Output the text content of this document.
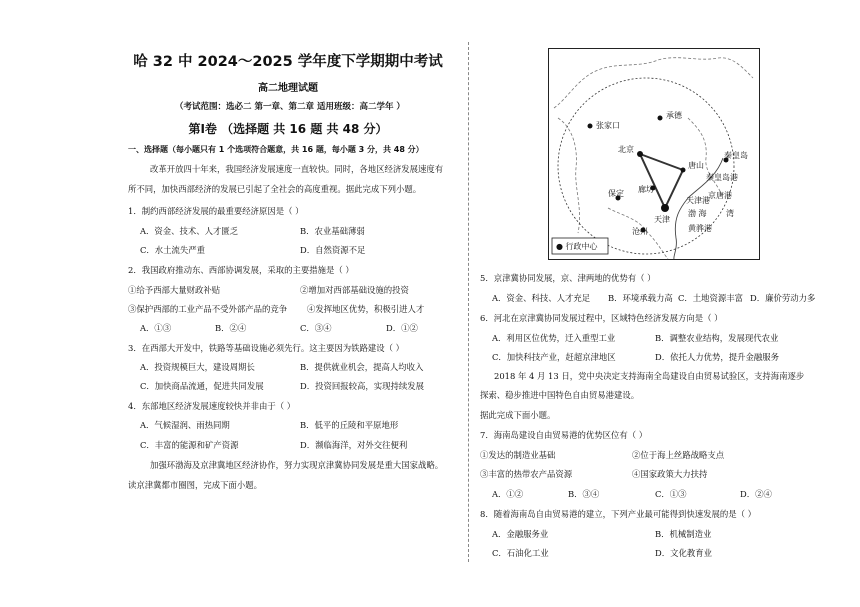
哈 32 中 2024～2025 学年度下学期期中考试
高二地理试题
（考试范围：选必二 第一章、第二章 适用班级：高二学年 ）
第Ⅰ卷 （选择题 共 16 题 共 48 分）
一、选择题（每小题只有 1 个选项符合题意，共 16 题，每小题 3 分，共 48 分）
改革开放四十年来，我国经济发展速度一直较快。同时，各地区经济发展速度有
所不同，加快西部经济的发展已引起了全社会的高度重视。据此完成下列小题。
1．制约西部经济发展的最重要经济原因是（ ）
A．资金、技术、人才匮乏	B．农业基础薄弱
C．水土流失严重	D．自然资源不足
2．我国政府推动东、西部协调发展，采取的主要措施是（ ）
①给予西部大量财政补贴	②增加对西部基础设施的投资
③保护西部的工业产品不受外部产品的竞争 ④发挥地区优势，积极引进人才
A．①③	B．②④	C．③④	D．①②
3．在西部大开发中，铁路等基础设施必须先行。这主要因为铁路建设（ ）
A．投资规模巨大，建设周期长	B．提供就业机会，提高人均收入
C．加快商品流通，促进共同发展	D．投资回报较高，实现持续发展
4．东部地区经济发展速度较快并非由于（ ）
A．气候湿润、雨热同期	B．低平的丘陵和平原地形
C．丰富的能源和矿产资源	D．濒临海洋，对外交往便利
加强环渤海及京津冀地区经济协作，努力实现京津冀协同发展是重大国家战略。
读京津冀都市圈图，完成下面小题。
张家口
承德
北京
唐山
秦皇岛
秦皇岛港
京唐港
天津港
渤 海 湾
保定 廊坊
天津
沧州	黄骅港
● 行政中心
5．京津冀协同发展，京、津两地的优势有（ ）
A．资金、科技、人才充足 B．环境承载力高 C．土地资源丰富 D．廉价劳动力多
6．河北在京津冀协同发展过程中，区域特色经济发展方向是（ ）
A．利用区位优势，迁入重型工业	B．调整农业结构，发展现代农业
C．加快科技产业，赶超京津地区	D．依托人力优势，提升金融服务
2018 年 4 月 13 日，党中央决定支持海南全岛建设自由贸易试验区，支持海南逐步
探索、稳步推进中国特色自由贸易港建设。
据此完成下面小题。
7．海南岛建设自由贸易港的优势区位有（ ）
①发达的制造业基础	②位于海上丝路战略支点
③丰富的热带农产品资源	④国家政策大力扶持
A．①②	B．③④	C．①③	D．②④
8．随着海南岛自由贸易港的建立，下列产业最可能得到快速发展的是（ ）
A．金融服务业	B．机械制造业
C．石油化工业	D．文化教育业
